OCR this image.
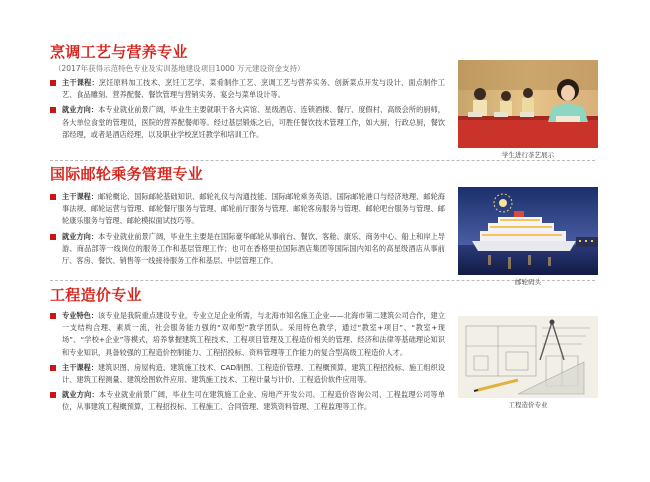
烹调工艺与营养专业
（2017年获得示范特色专业及实训基地建设项目1000 万元建设资金支持）

主干课程：烹饪原料加工技术、烹饪工艺学、菜肴制作工艺、烹调工艺与营养实务、创新菜点开发与设计、面点制作工艺、食品雕刻、营养配餐、餐饮管理与营销实务、宴会与菜单设计等。

就业方向：本专业就业前景广阔，毕业生主要就职于各大宾馆、星级酒店、连锁酒楼、餐厅、度假村、高级会所的厨师，各大单位食堂的管理员，医院的营养配餐师等。经过基层锻炼之后，可胜任餐饮技术管理工作，如大厨，行政总厨，餐饮部经理，或者是酒店经理，以及职业学校烹饪教学和培训工作。

国际邮轮乘务管理专业

主干课程：邮轮概论、国际邮轮基础知识、邮轮礼仪与沟通技能、国际邮轮乘务英语、国际邮轮港口与经济地理、邮轮海事法规、邮轮运营与管理、邮轮餐厅服务与管理、邮轮前厅服务与管理、邮轮客房服务与管理、邮轮吧台服务与管理、邮轮康乐服务与管理、邮轮模拟面试技巧等。

就业方向：本专业就业前景广阔，毕业生主要是在国际豪华邮轮从事前台、餐饮、客舱、康乐、商务中心、船上和岸上导游、商品部等一线岗位的服务工作和基层管理工作；也可在香格里拉国际酒店集团等国际国内知名的高星级酒店从事前厅、客房、餐饮、销售等一线接待服务工作和基层、中层管理工作。

工程造价专业

专业特色：该专业是我院重点建设专业，专业立足企业所需，与北海市知名施工企业——北海市第二建筑公司合作，建立一支结构合理、素质一流，社会服务能力强的“双师型”教学团队。采用特色教学，通过“教室+项目”、“教室+现场”、“学校+企业”等模式，培养掌握建筑工程技术、工程项目管理及工程造价相关的管理、经济和法律等基础理论知识和专业知识，具备较强的工程造价控制能力、工程招投标、资料管理等工作能力的复合型高级工程造价人才。

主干课程：建筑识图、房屋构造、建筑施工技术、CAD制图、工程造价管理、工程概预算、建筑工程招投标、施工组织设计、建筑工程测量、建筑绘图软件应用、建筑施工技术、工程计量与计价、工程造价软件应用等。

就业方向：本专业就业前景广阔，毕业生可在建筑施工企业、房地产开发公司、工程造价咨询公司、工程监理公司等单位，从事建筑工程概预算，工程招投标、工程施工、合同管理、建筑资料管理、工程监理等工作。

学生进行茶艺展示
邮轮码头
工程造价专业
